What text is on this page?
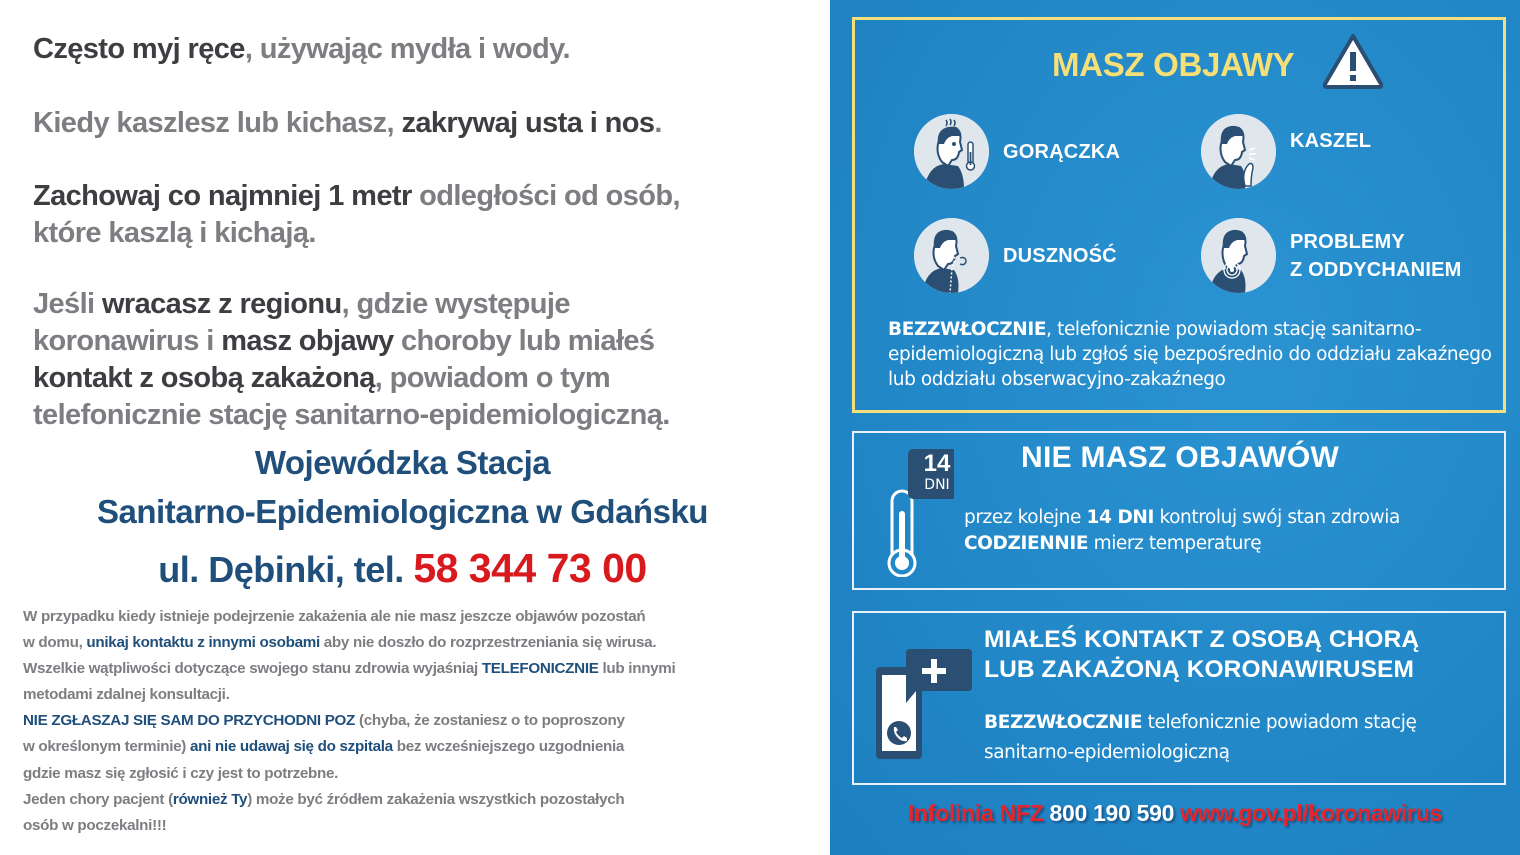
Często myj ręce, używając mydła i wody.
Kiedy kaszlesz lub kichasz, zakrywaj usta i nos.
Zachowaj co najmniej 1 metr odległości od osób,
które kaszlą i kichają.
Jeśli wracasz z regionu, gdzie występuje
koronawirus i masz objawy choroby lub miałeś
kontakt z osobą zakażoną, powiadom o tym
telefonicznie stację sanitarno-epidemiologiczną.
Wojewódzka Stacja
Sanitarno-Epidemiologiczna w Gdańsku
ul. Dębinki, tel. 58 344 73 00
W przypadku kiedy istnieje podejrzenie zakażenia ale nie masz jeszcze objawów pozostań
w domu, unikaj kontaktu z innymi osobami aby nie doszło do rozprzestrzeniania się wirusa.
Wszelkie wątpliwości dotyczące swojego stanu zdrowia wyjaśniaj TELEFONICZNIE lub innymi
metodami zdalnej konsultacji.
NIE ZGŁASZAJ SIĘ SAM DO PRZYCHODNI POZ (chyba, że zostaniesz o to poproszony
w określonym terminie) ani nie udawaj się do szpitala bez wcześniejszego uzgodnienia
gdzie masz się zgłosić i czy jest to potrzebne.
Jeden chory pacjent (również Ty) może być źródłem zakażenia wszystkich pozostałych
osób w poczekalni!!!
MASZ OBJAWY
GORĄCZKA	KASZEL
DUSZNOŚĆ
PROBLEMY
Z ODDYCHANIEM
BEZZWŁOCZNIE, telefonicznie powiadom stację sanitarno-epidemiologiczną lub zgłoś się bezpośrednio do oddziału zakaźnego lub oddziału obserwacyjno-zakaźnego
14
DNI
NIE MASZ OBJAWÓW
przez kolejne 14 DNI kontroluj swój stan zdrowia
CODZIENNIE mierz temperaturę
MIAŁEŚ KONTAKT Z OSOBĄ CHORĄ
LUB ZAKAŻONĄ KORONAWIRUSEM
BEZZWŁOCZNIE telefonicznie powiadom stację
sanitarno-epidemiologiczną
Infolinia NFZ 800 190 590 www.gov.pl/koronawirus
